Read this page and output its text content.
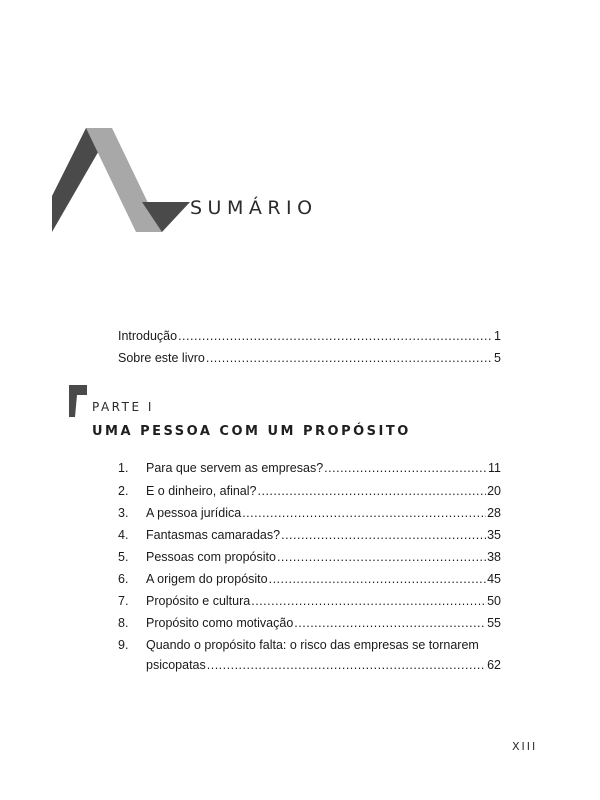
SUMÁRIO
Introdução .....	1
Sobre este livro .....	5
PARTE I
UMA PESSOA COM UM PROPÓSITO
1.	Para que servem as empresas? .....	11
2.	E o dinheiro, afinal? .....	20
3.	A pessoa jurídica .....	28
4.	Fantasmas camaradas? .....	35
5.	Pessoas com propósito .....	38
6.	A origem do propósito .....	45
7.	Propósito e cultura .....	50
8.	Propósito como motivação .....	55
9.	Quando o propósito falta: o risco das empresas se tornarem
psicopatas .....	62
XIII
